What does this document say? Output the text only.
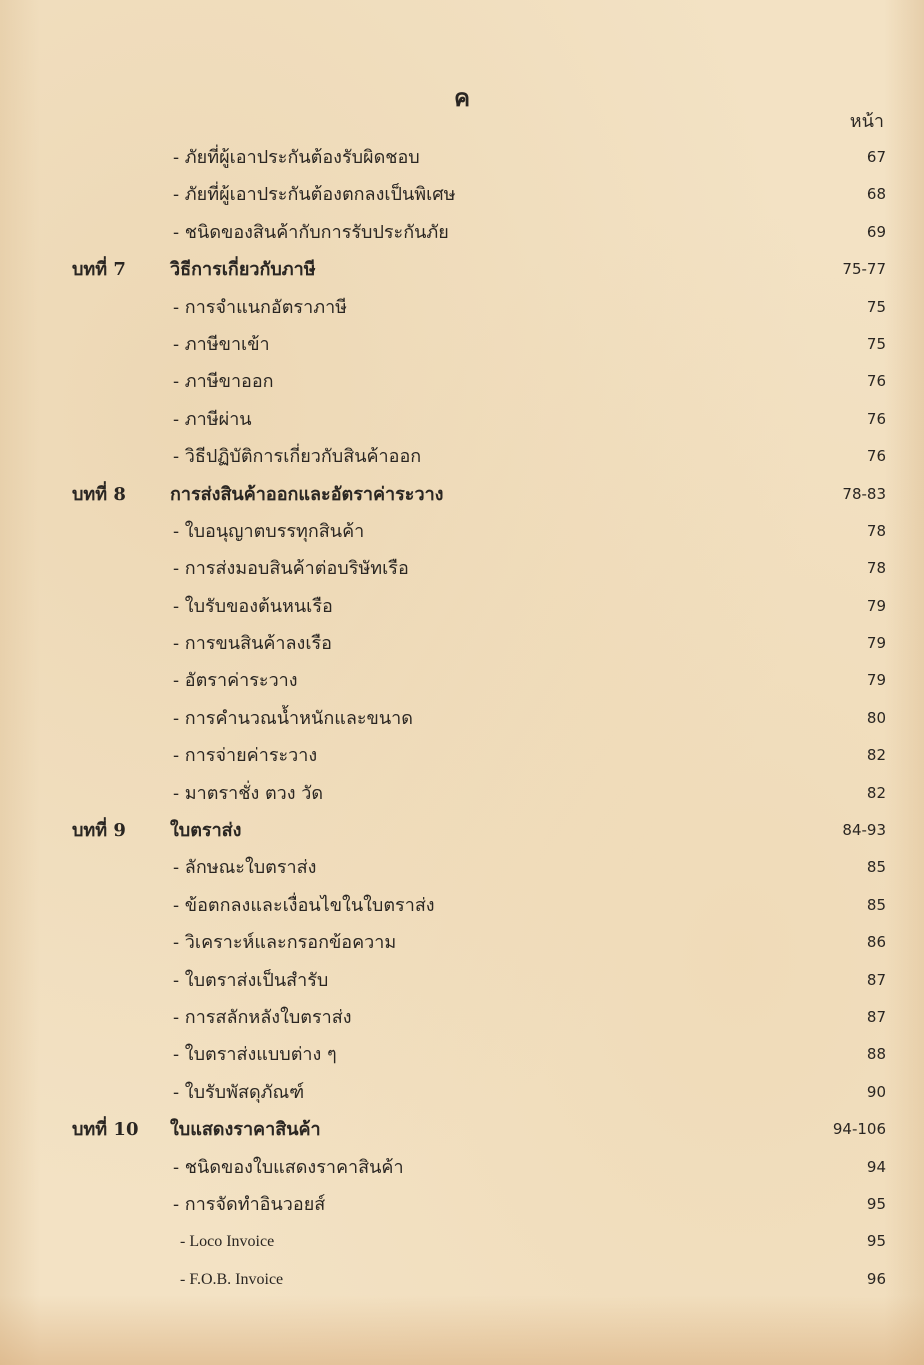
ค
หน้า
- ภัยที่ผู้เอาประกันต้องรับผิดชอบ	67
- ภัยที่ผู้เอาประกันต้องตกลงเป็นพิเศษ	68
- ชนิดของสินค้ากับการรับประกันภัย	69
บทที่ 7 วิธีการเกี่ยวกับภาษี	75-77
- การจำแนกอัตราภาษี	75
- ภาษีขาเข้า	75
- ภาษีขาออก	76
- ภาษีผ่าน	76
- วิธีปฏิบัติการเกี่ยวกับสินค้าออก	76
บทที่ 8 การส่งสินค้าออกและอัตราค่าระวาง	78-83
- ใบอนุญาตบรรทุกสินค้า	78
- การส่งมอบสินค้าต่อบริษัทเรือ	78
- ใบรับของต้นหนเรือ	79
- การขนสินค้าลงเรือ	79
- อัตราค่าระวาง	79
- การคำนวณน้ำหนักและขนาด	80
- การจ่ายค่าระวาง	82
- มาตราชั่ง ตวง วัด	82
บทที่ 9 ใบตราส่ง	84-93
- ลักษณะใบตราส่ง	85
- ข้อตกลงและเงื่อนไขในใบตราส่ง	85
- วิเคราะห์และกรอกข้อความ	86
- ใบตราส่งเป็นสำรับ	87
- การสลักหลังใบตราส่ง	87
- ใบตราส่งแบบต่าง ๆ	88
- ใบรับพัสดุภัณฑ์	90
บทที่ 10 ใบแสดงราคาสินค้า	94-106
- ชนิดของใบแสดงราคาสินค้า	94
- การจัดทำอินวอยส์	95
- Loco Invoice	95
- F.O.B. Invoice	96
